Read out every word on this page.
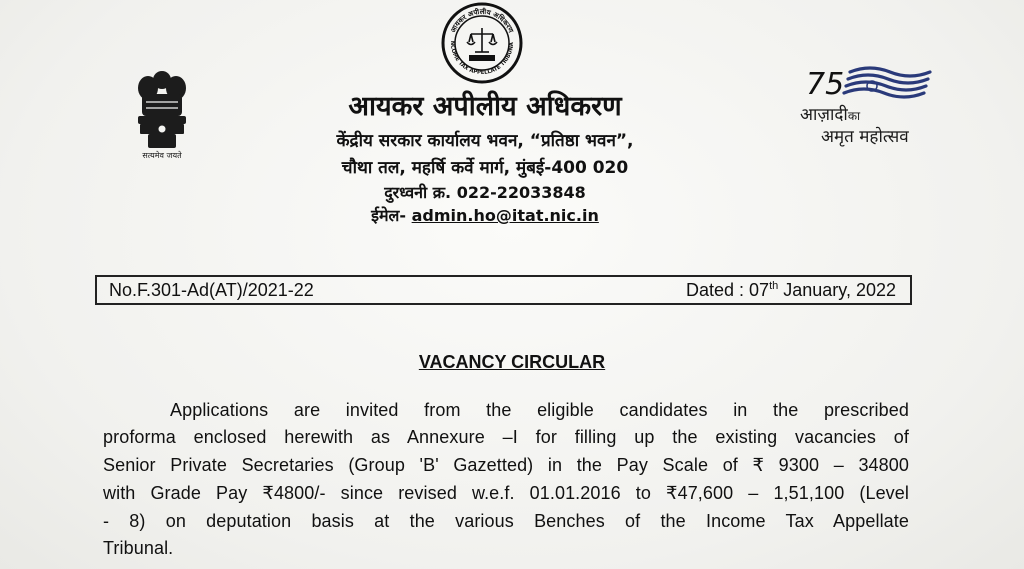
सत्यमेव जयते
आयकर अपीलीय अधिकरण
NCOME TAX APPELLATE TRIBUNA
75
आज़ादीका
अमृत महोत्सव
आयकर अपीलीय अधिकरण
केंद्रीय सरकार कार्यालय भवन, “प्रतिष्ठा भवन”,
चौथा तल, महर्षि कर्वे मार्ग, मुंबई-400 020
दुरध्वनी क्र. 022-22033848
ईमेल- admin.ho@itat.nic.in
No.F.301-Ad(AT)/2021-22	Dated : 07th January, 2022
VACANCY CIRCULAR
Applications are invited from the eligible candidates in the prescribed
proforma enclosed herewith as Annexure –I for filling up the existing vacancies of
Senior Private Secretaries (Group 'B' Gazetted) in the Pay Scale of ₹ 9300 – 34800
with Grade Pay ₹4800/- since revised w.e.f. 01.01.2016 to ₹47,600 – 1,51,100 (Level
- 8) on deputation basis at the various Benches of the Income Tax Appellate
Tribunal.
